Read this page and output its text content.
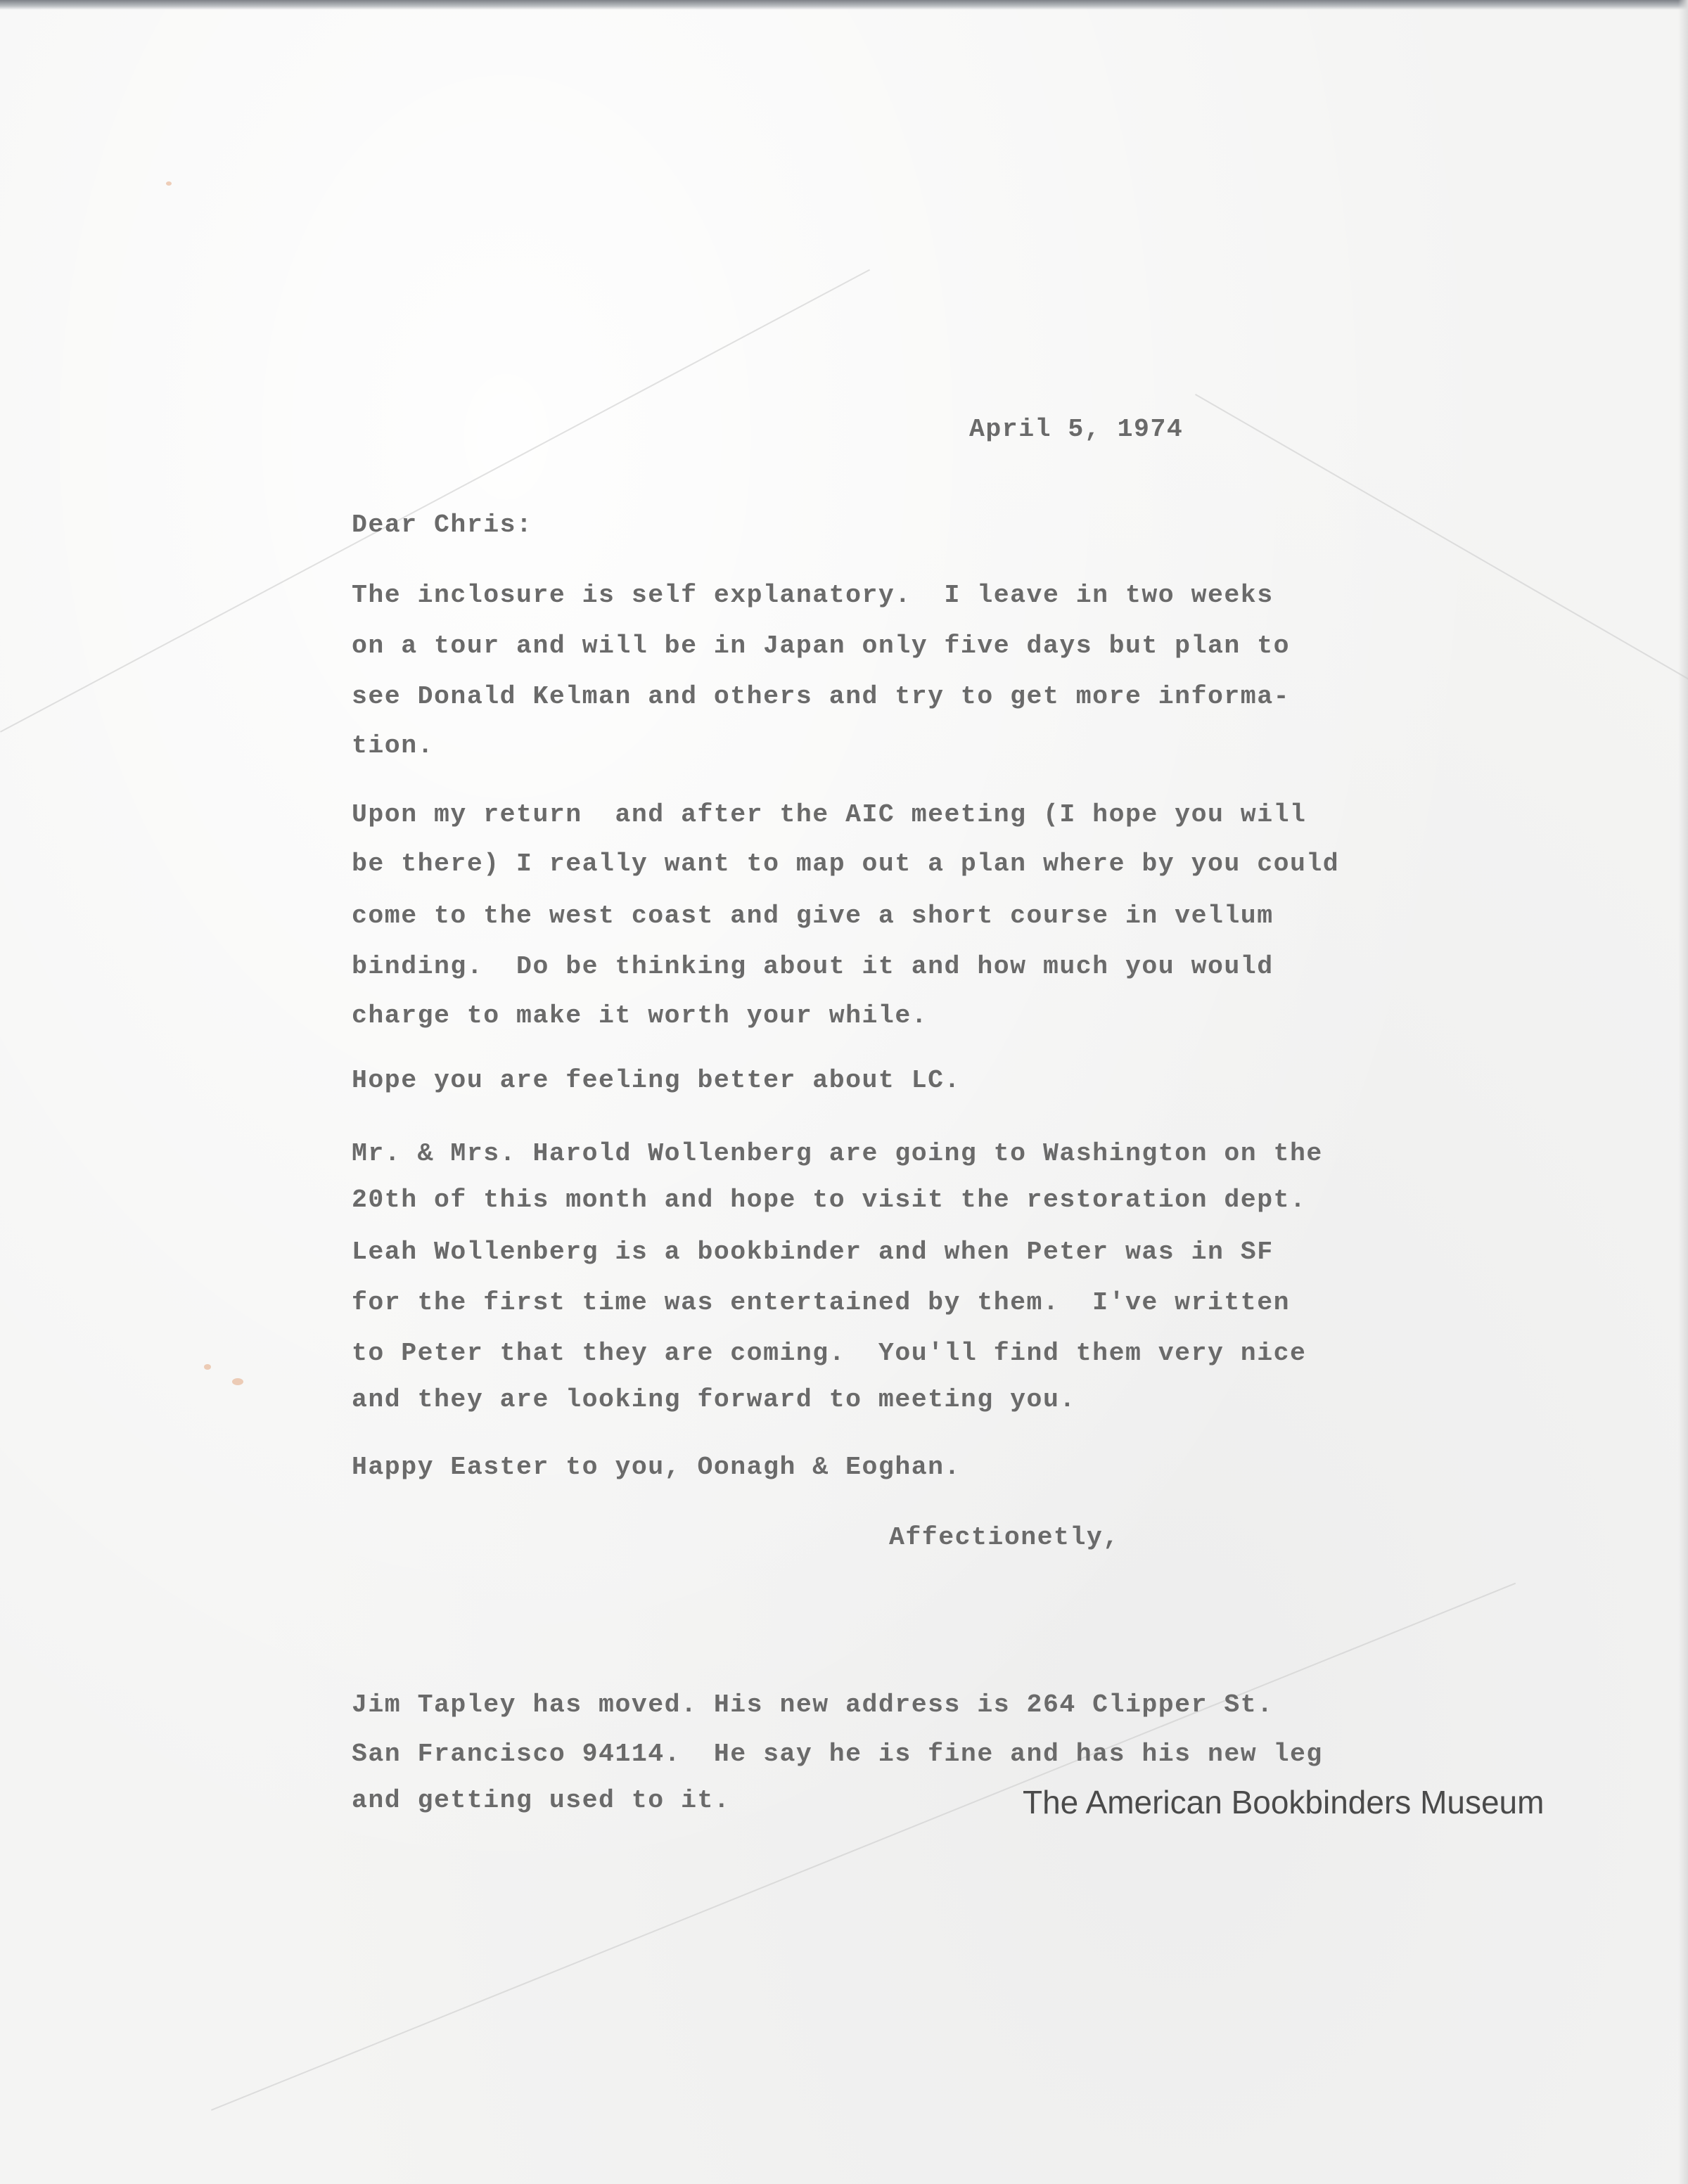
April 5, 1974
Dear Chris:
The inclosure is self explanatory.  I leave in two weeks
on a tour and will be in Japan only five days but plan to
see Donald Kelman and others and try to get more informa-
tion.
Upon my return  and after the AIC meeting (I hope you will
be there) I really want to map out a plan where by you could
come to the west coast and give a short course in vellum
binding.  Do be thinking about it and how much you would
charge to make it worth your while.
Hope you are feeling better about LC.
Mr. & Mrs. Harold Wollenberg are going to Washington on the
20th of this month and hope to visit the restoration dept.
Leah Wollenberg is a bookbinder and when Peter was in SF
for the first time was entertained by them.  I've written
to Peter that they are coming.  You'll find them very nice
and they are looking forward to meeting you.
Happy Easter to you, Oonagh & Eoghan.
Affectionetly,
Jim Tapley has moved. His new address is 264 Clipper St.
San Francisco 94114.  He say he is fine and has his new leg
and getting used to it.	The American Bookbinders Museum
